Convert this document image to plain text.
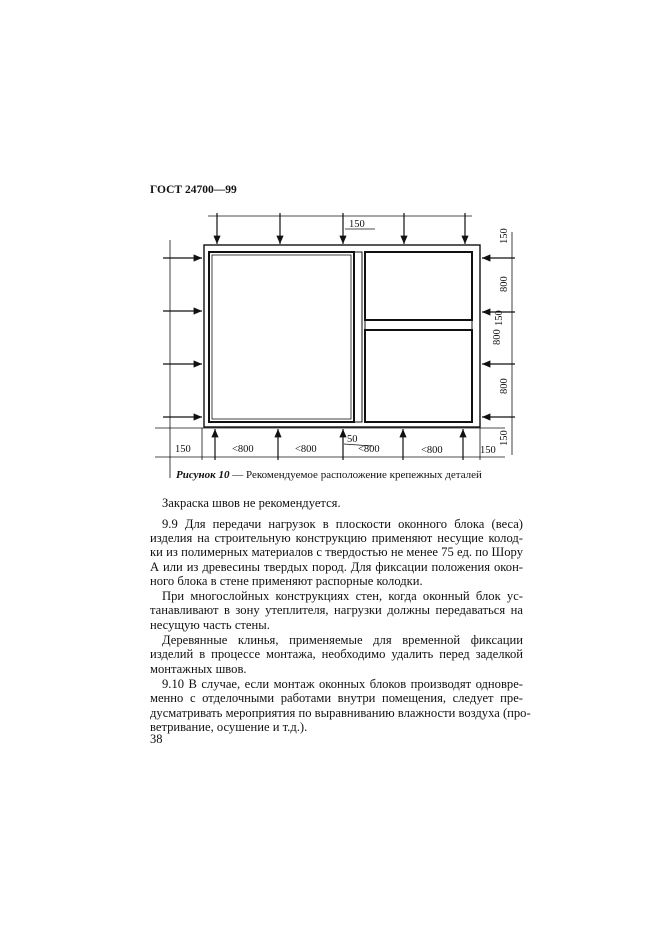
ГОСТ 24700—99
150
150
800
150
800
800
150
150	<800	<800
50
<800	<800	150
Рисунок 10 — Рекомендуемое расположение крепежных деталей
Закраска швов не рекомендуется.
9.9 Для передачи нагрузок в плоскости оконного блока (веса)
изделия на строительную конструкцию применяют несущие колод-
ки из полимерных материалов с твердостью не менее 75 ед. по Шору
А или из древесины твердых пород. Для фиксации положения окон-
ного блока в стене применяют распорные колодки.
При многослойных конструкциях стен, когда оконный блок ус-
танавливают в зону утеплителя, нагрузки должны передаваться на
несущую часть стены.
Деревянные клинья, применяемые для временной фиксации
изделий в процессе монтажа, необходимо удалить перед заделкой
монтажных швов.
9.10 В случае, если монтаж оконных блоков производят одновре-
менно с отделочными работами внутри помещения, следует пре-
дусматривать мероприятия по выравниванию влажности воздуха (про-
ветривание, осушение и т.д.).
38
